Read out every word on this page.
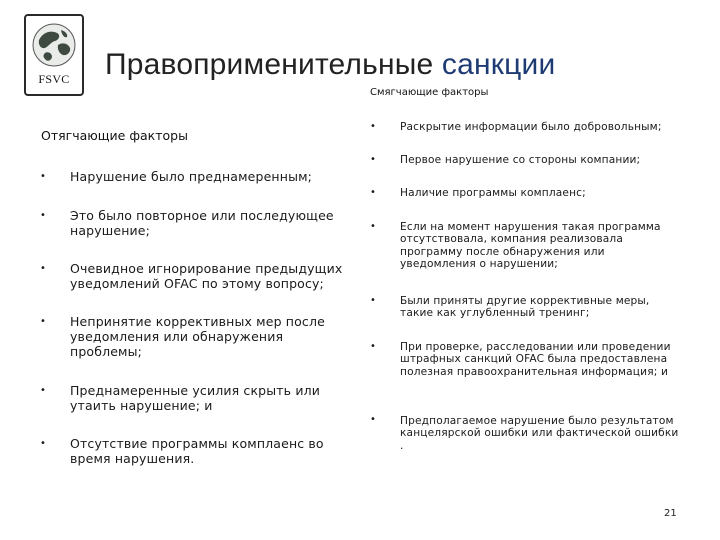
FSVC	Правоприменительные санкции
Смягчающие факторы
Отягчающие факторы
• Нарушение было преднамеренным;
• Это было повторное или последующее нарушение;
• Очевидное игнорирование предыдущих уведомлений OFAC по этому вопросу;
• Непринятие коррективных мер после уведомления или обнаружения проблемы;
• Преднамеренные усилия скрыть или утаить нарушение; и
• Отсутствие программы комплаенс во время нарушения.
• Раскрытие информации было добровольным;
• Первое нарушение со стороны компании;
• Наличие программы комплаенс;
• Если на момент нарушения такая программа отсутствовала, компания реализовала программу после обнаружения или уведомления о нарушении;
• Были приняты другие коррективные меры, такие как углубленный тренинг;
• При проверке, расследовании или проведении штрафных санкций OFAC была предоставлена полезная правоохранительная информация; и
• Предполагаемое нарушение было результатом канцелярской ошибки или фактической ошибки .
21
